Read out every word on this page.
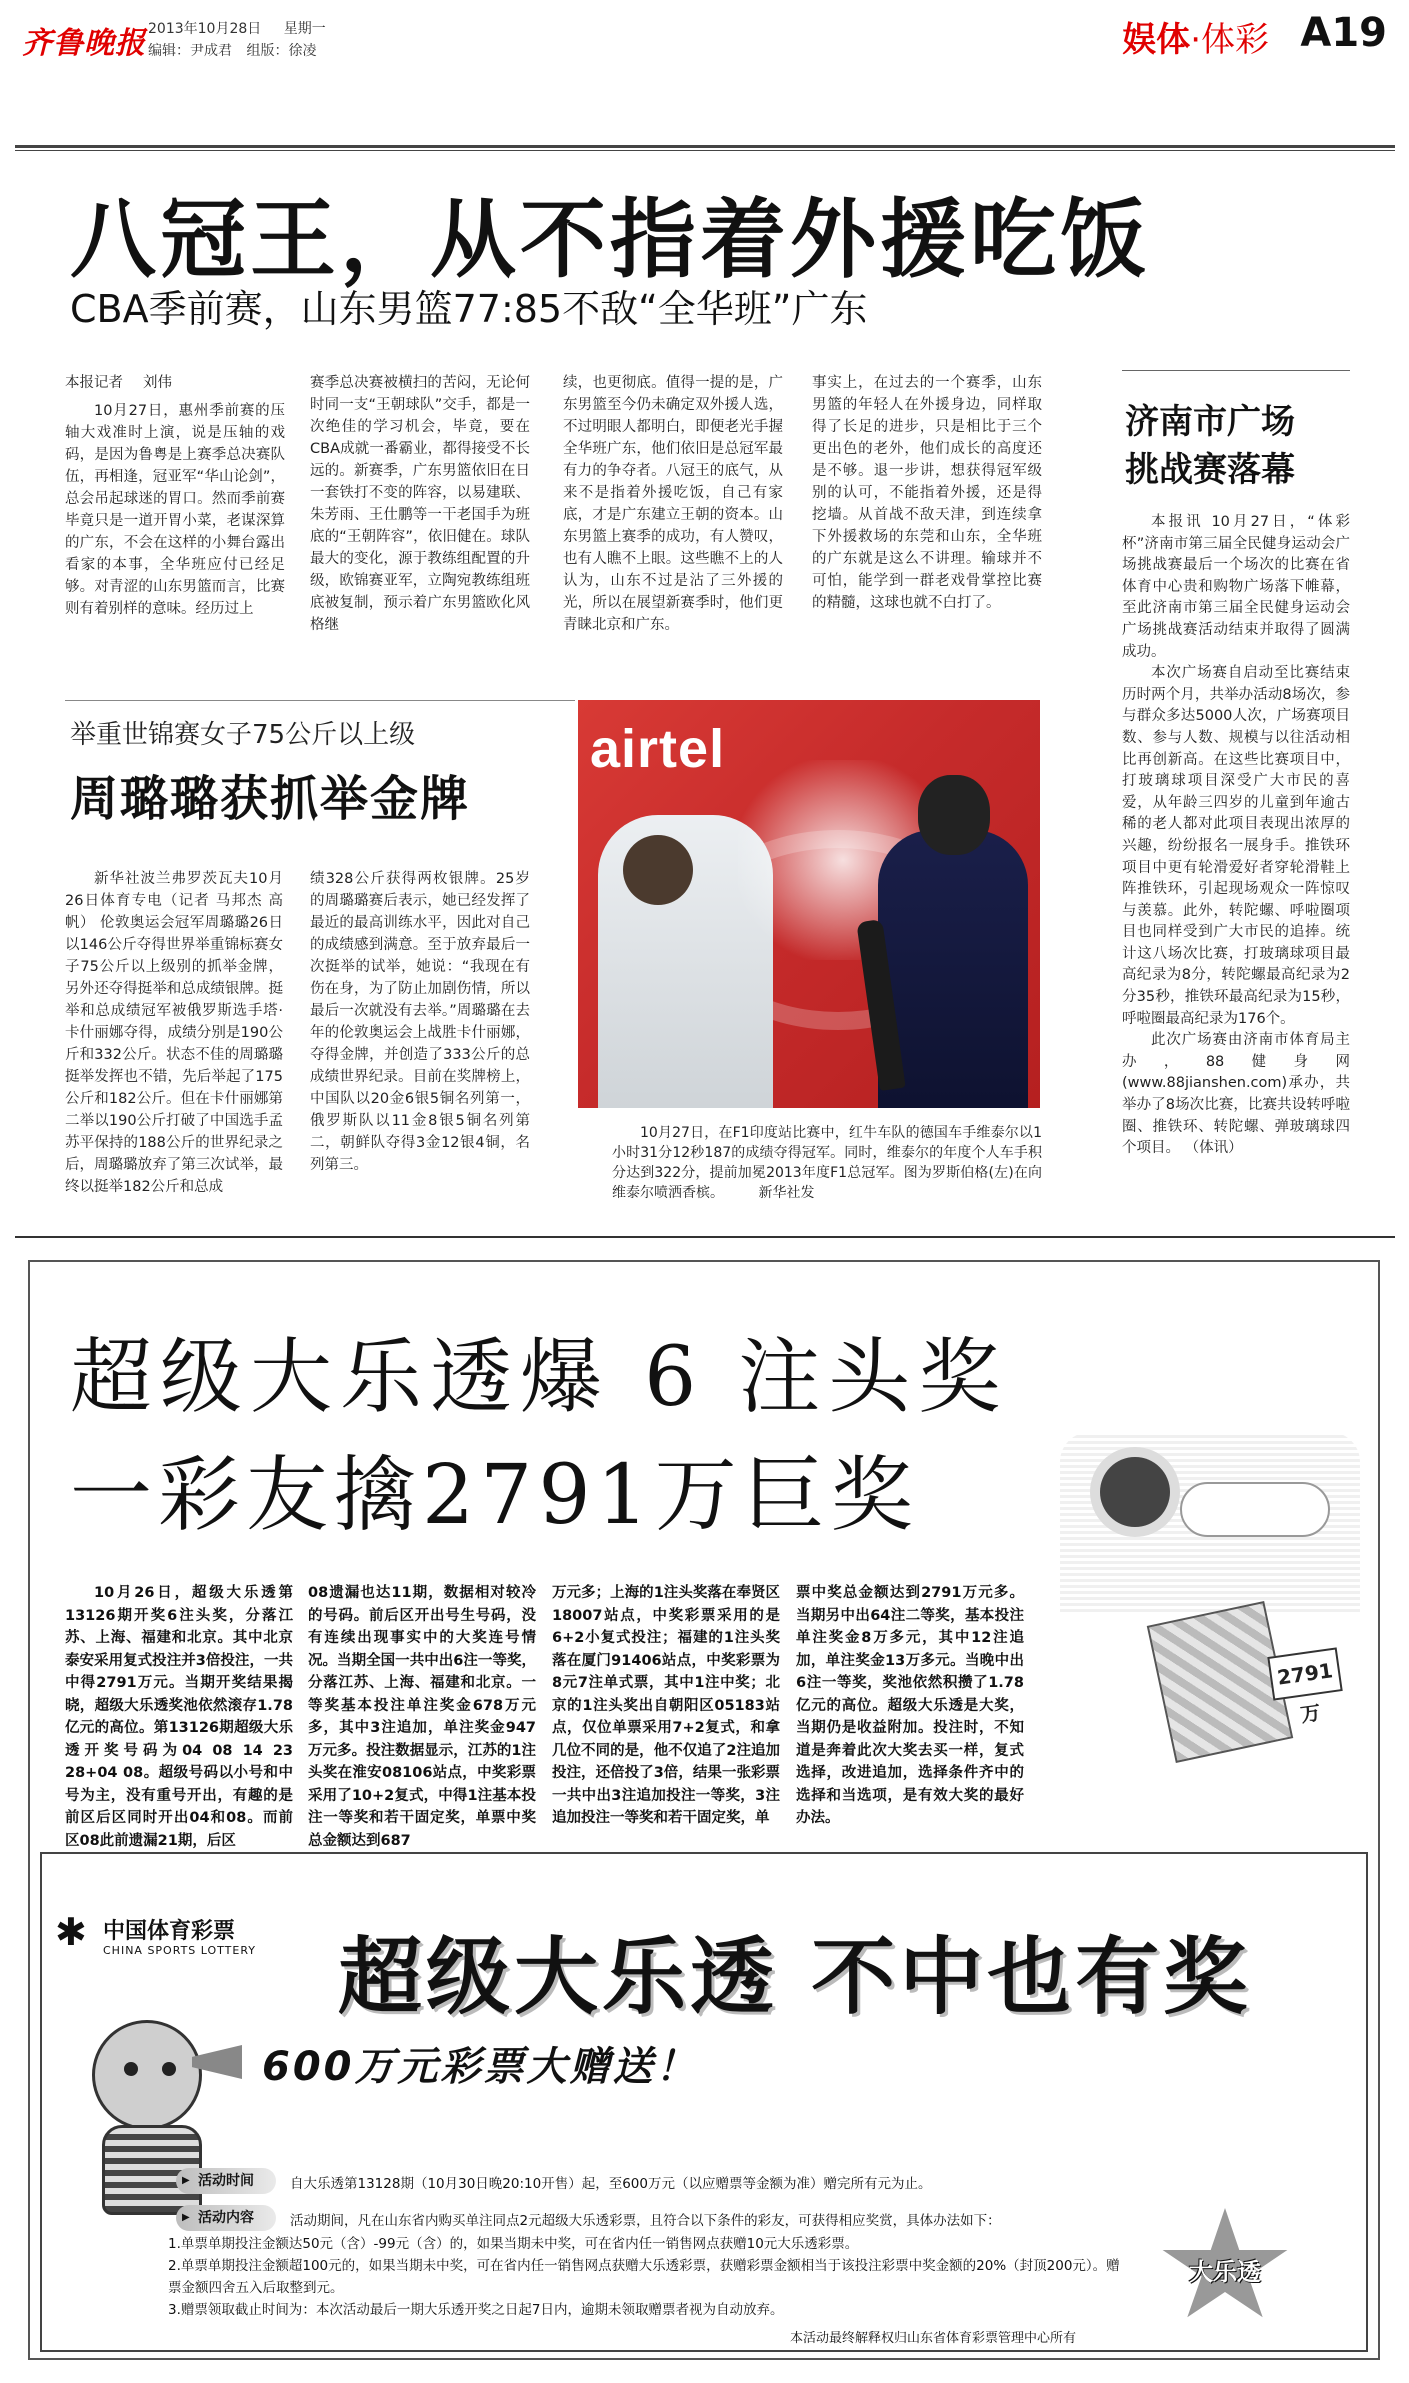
齐鲁晚报 2013年10月28日 星期一
编辑：尹成君 组版：徐凌	娱体·体彩 A19
八冠王，从不指着外援吃饭
CBA季前赛，山东男篮77:85不敌“全华班”广东
本报记者 刘伟

10月27日，惠州季前赛的压轴大戏准时上演，说是压轴的戏码，是因为鲁粤是上赛季总决赛队伍，再相逢，冠亚军“华山论剑”，总会吊起球迷的胃口。然而季前赛毕竟只是一道开胃小菜，老谋深算的广东，不会在这样的小舞台露出看家的本事，全华班应付已经足够。对青涩的山东男篮而言，比赛则有着别样的意味。经历过上

赛季总决赛被横扫的苦闷，无论何时同一支“王朝球队”交手，都是一次绝佳的学习机会，毕竟，要在CBA成就一番霸业，都得接受不长远的。新赛季，广东男篮依旧在日一套铁打不变的阵容，以易建联、朱芳雨、王仕鹏等一干老国手为班底的“王朝阵容”，依旧健在。球队最大的变化，源于教练组配置的升级，欧锦赛亚军，立陶宛教练组班底被复制，预示着广东男篮欧化风格继

续，也更彻底。值得一提的是，广东男篮至今仍未确定双外援人选，不过明眼人都明白，即便老光手握全华班广东，他们依旧是总冠军最有力的争夺者。八冠王的底气，从来不是指着外援吃饭，自己有家底，才是广东建立王朝的资本。山东男篮上赛季的成功，有人赞叹，也有人瞧不上眼。这些瞧不上的人认为，山东不过是沾了三外援的光，所以在展望新赛季时，他们更青睐北京和广东。

事实上，在过去的一个赛季，山东男篮的年轻人在外援身边，同样取得了长足的进步，只是相比于三个更出色的老外，他们成长的高度还是不够。退一步讲，想获得冠军级别的认可，不能指着外援，还是得挖墙。从首战不敌天津，到连续拿下外援救场的东莞和山东，全华班的广东就是这么不讲理。输球并不可怕，能学到一群老戏骨掌控比赛的精髓，这球也就不白打了。

济南市广场
挑战赛落幕

本报讯 10月27日，“体彩杯”济南市第三届全民健身运动会广场挑战赛最后一个场次的比赛在省体育中心贵和购物广场落下帷幕，至此济南市第三届全民健身运动会广场挑战赛活动结束并取得了圆满成功。

本次广场赛自启动至比赛结束历时两个月，共举办活动8场次，参与群众多达5000人次，广场赛项目数、参与人数、规模与以往活动相比再创新高。在这些比赛项目中，打玻璃球项目深受广大市民的喜爱，从年龄三四岁的儿童到年逾古稀的老人都对此项目表现出浓厚的兴趣，纷纷报名一展身手。推铁环项目中更有轮滑爱好者穿轮滑鞋上阵推铁环，引起现场观众一阵惊叹与羡慕。此外，转陀螺、呼啦圈项目也同样受到广大市民的追捧。统计这八场次比赛，打玻璃球项目最高纪录为8分，转陀螺最高纪录为2分35秒，推铁环最高纪录为15秒，呼啦圈最高纪录为176个。

此次广场赛由济南市体育局主办，88健身网(www.88jianshen.com)承办，共举办了8场次比赛，比赛共设转呼啦圈、推铁环、转陀螺、弹玻璃球四个项目。 （体讯）

举重世锦赛女子75公斤以上级
周璐璐获抓举金牌

新华社波兰弗罗茨瓦夫10月26日体育专电（记者 马邦杰 高帆） 伦敦奥运会冠军周璐璐26日以146公斤夺得世界举重锦标赛女子75公斤以上级别的抓举金牌，另外还夺得挺举和总成绩银牌。挺举和总成绩冠军被俄罗斯选手塔·卡什丽娜夺得，成绩分别是190公斤和332公斤。状态不佳的周璐璐挺举发挥也不错，先后举起了175公斤和182公斤。但在卡什丽娜第二举以190公斤打破了中国选手孟苏平保持的188公斤的世界纪录之后，周璐璐放弃了第三次试举，最终以挺举182公斤和总成

绩328公斤获得两枚银牌。25岁的周璐璐赛后表示，她已经发挥了最近的最高训练水平，因此对自己的成绩感到满意。至于放弃最后一次挺举的试举，她说：“我现在有伤在身，为了防止加剧伤情，所以最后一次就没有去举。”周璐璐在去年的伦敦奥运会上战胜卡什丽娜，夺得金牌，并创造了333公斤的总成绩世界纪录。目前在奖牌榜上，中国队以20金6银5铜名列第一，俄罗斯队以11金8银5铜名列第二，朝鲜队夺得3金12银4铜，名列第三。

airtel
10月27日，在F1印度站比赛中，红牛车队的德国车手维泰尔以1小时31分12秒187的成绩夺得冠军。同时，维泰尔的年度个人车手积分达到322分，提前加冕2013年度F1总冠军。图为罗斯伯格(左)在向维泰尔喷洒香槟。 新华社发
超级大乐透爆 6 注头奖
一彩友擒2791万巨奖

10月26日，超级大乐透第13126期开奖6注头奖，分落江苏、上海、福建和北京。其中北京泰安采用复式投注并3倍投注，一共中得2791万元。当期开奖结果揭晓，超级大乐透奖池依然滚存1.78亿元的高位。第13126期超级大乐透开奖号码为04 08 14 23 28+04 08。超级号码以小号和中号为主，没有重号开出，有趣的是前区后区同时开出04和08。而前区08此前遗漏21期，后区

08遗漏也达11期，数据相对较冷的号码。前后区开出号生号码，没有连续出现事实中的大奖连号情况。当期全国一共中出6注一等奖，分落江苏、上海、福建和北京。一等奖基本投注单注奖金678万元多，其中3注追加，单注奖金947万元多。投注数据显示，江苏的1注头奖在淮安08106站点，中奖彩票采用了10+2复式，中得1注基本投注一等奖和若干固定奖，单票中奖总金额达到687

万元多；上海的1注头奖落在奉贤区18007站点，中奖彩票采用的是6+2小复式投注；福建的1注头奖落在厦门91406站点，中奖彩票为8元7注单式票，其中1注中奖；北京的1注头奖出自朝阳区05183站点，仅位单票采用7+2复式，和拿几位不同的是，他不仅追了2注追加投注，还倍投了3倍，结果一张彩票一共中出3注追加投注一等奖，3注追加投注一等奖和若干固定奖，单

票中奖总金额达到2791万元多。当期另中出64注二等奖，基本投注单注奖金8万多元，其中12注追加，单注奖金13万多元。当晚中出6注一等奖，奖池依然积攒了1.78亿元的高位。超级大乐透是大奖，当期仍是收益附加。投注时，不知道是奔着此次大奖去买一样，复式选择，改进追加，选择条件齐中的选择和当选项，是有效大奖的最好办法。

2791万
✱ 中国体育彩票
CHINA SPORTS LOTTERY 超级大乐透 不中也有奖
600万元彩票大赠送！
▶ 活动时间	自大乐透第13128期（10月30日晚20:10开售）起，至600万元（以应赠票等金额为准）赠完所有元为止。
▶ 活动内容	活动期间，凡在山东省内购买单注同点2元超级大乐透彩票，且符合以下条件的彩友，可获得相应奖赏，具体办法如下：
1.单票单期投注金额达50元（含）-99元（含）的，如果当期未中奖，可在省内任一销售网点获赠10元大乐透彩票。
2.单票单期投注金额超100元的，如果当期未中奖，可在省内任一销售网点获赠大乐透彩票，获赠彩票金额相当于该投注彩票中奖金额的20%（封顶200元）。赠票金额四舍五入后取整到元。
3.赠票领取截止时间为：本次活动最后一期大乐透开奖之日起7日内，逾期未领取赠票者视为自动放弃。
本活动最终解释权归山东省体育彩票管理中心所有
大乐透
